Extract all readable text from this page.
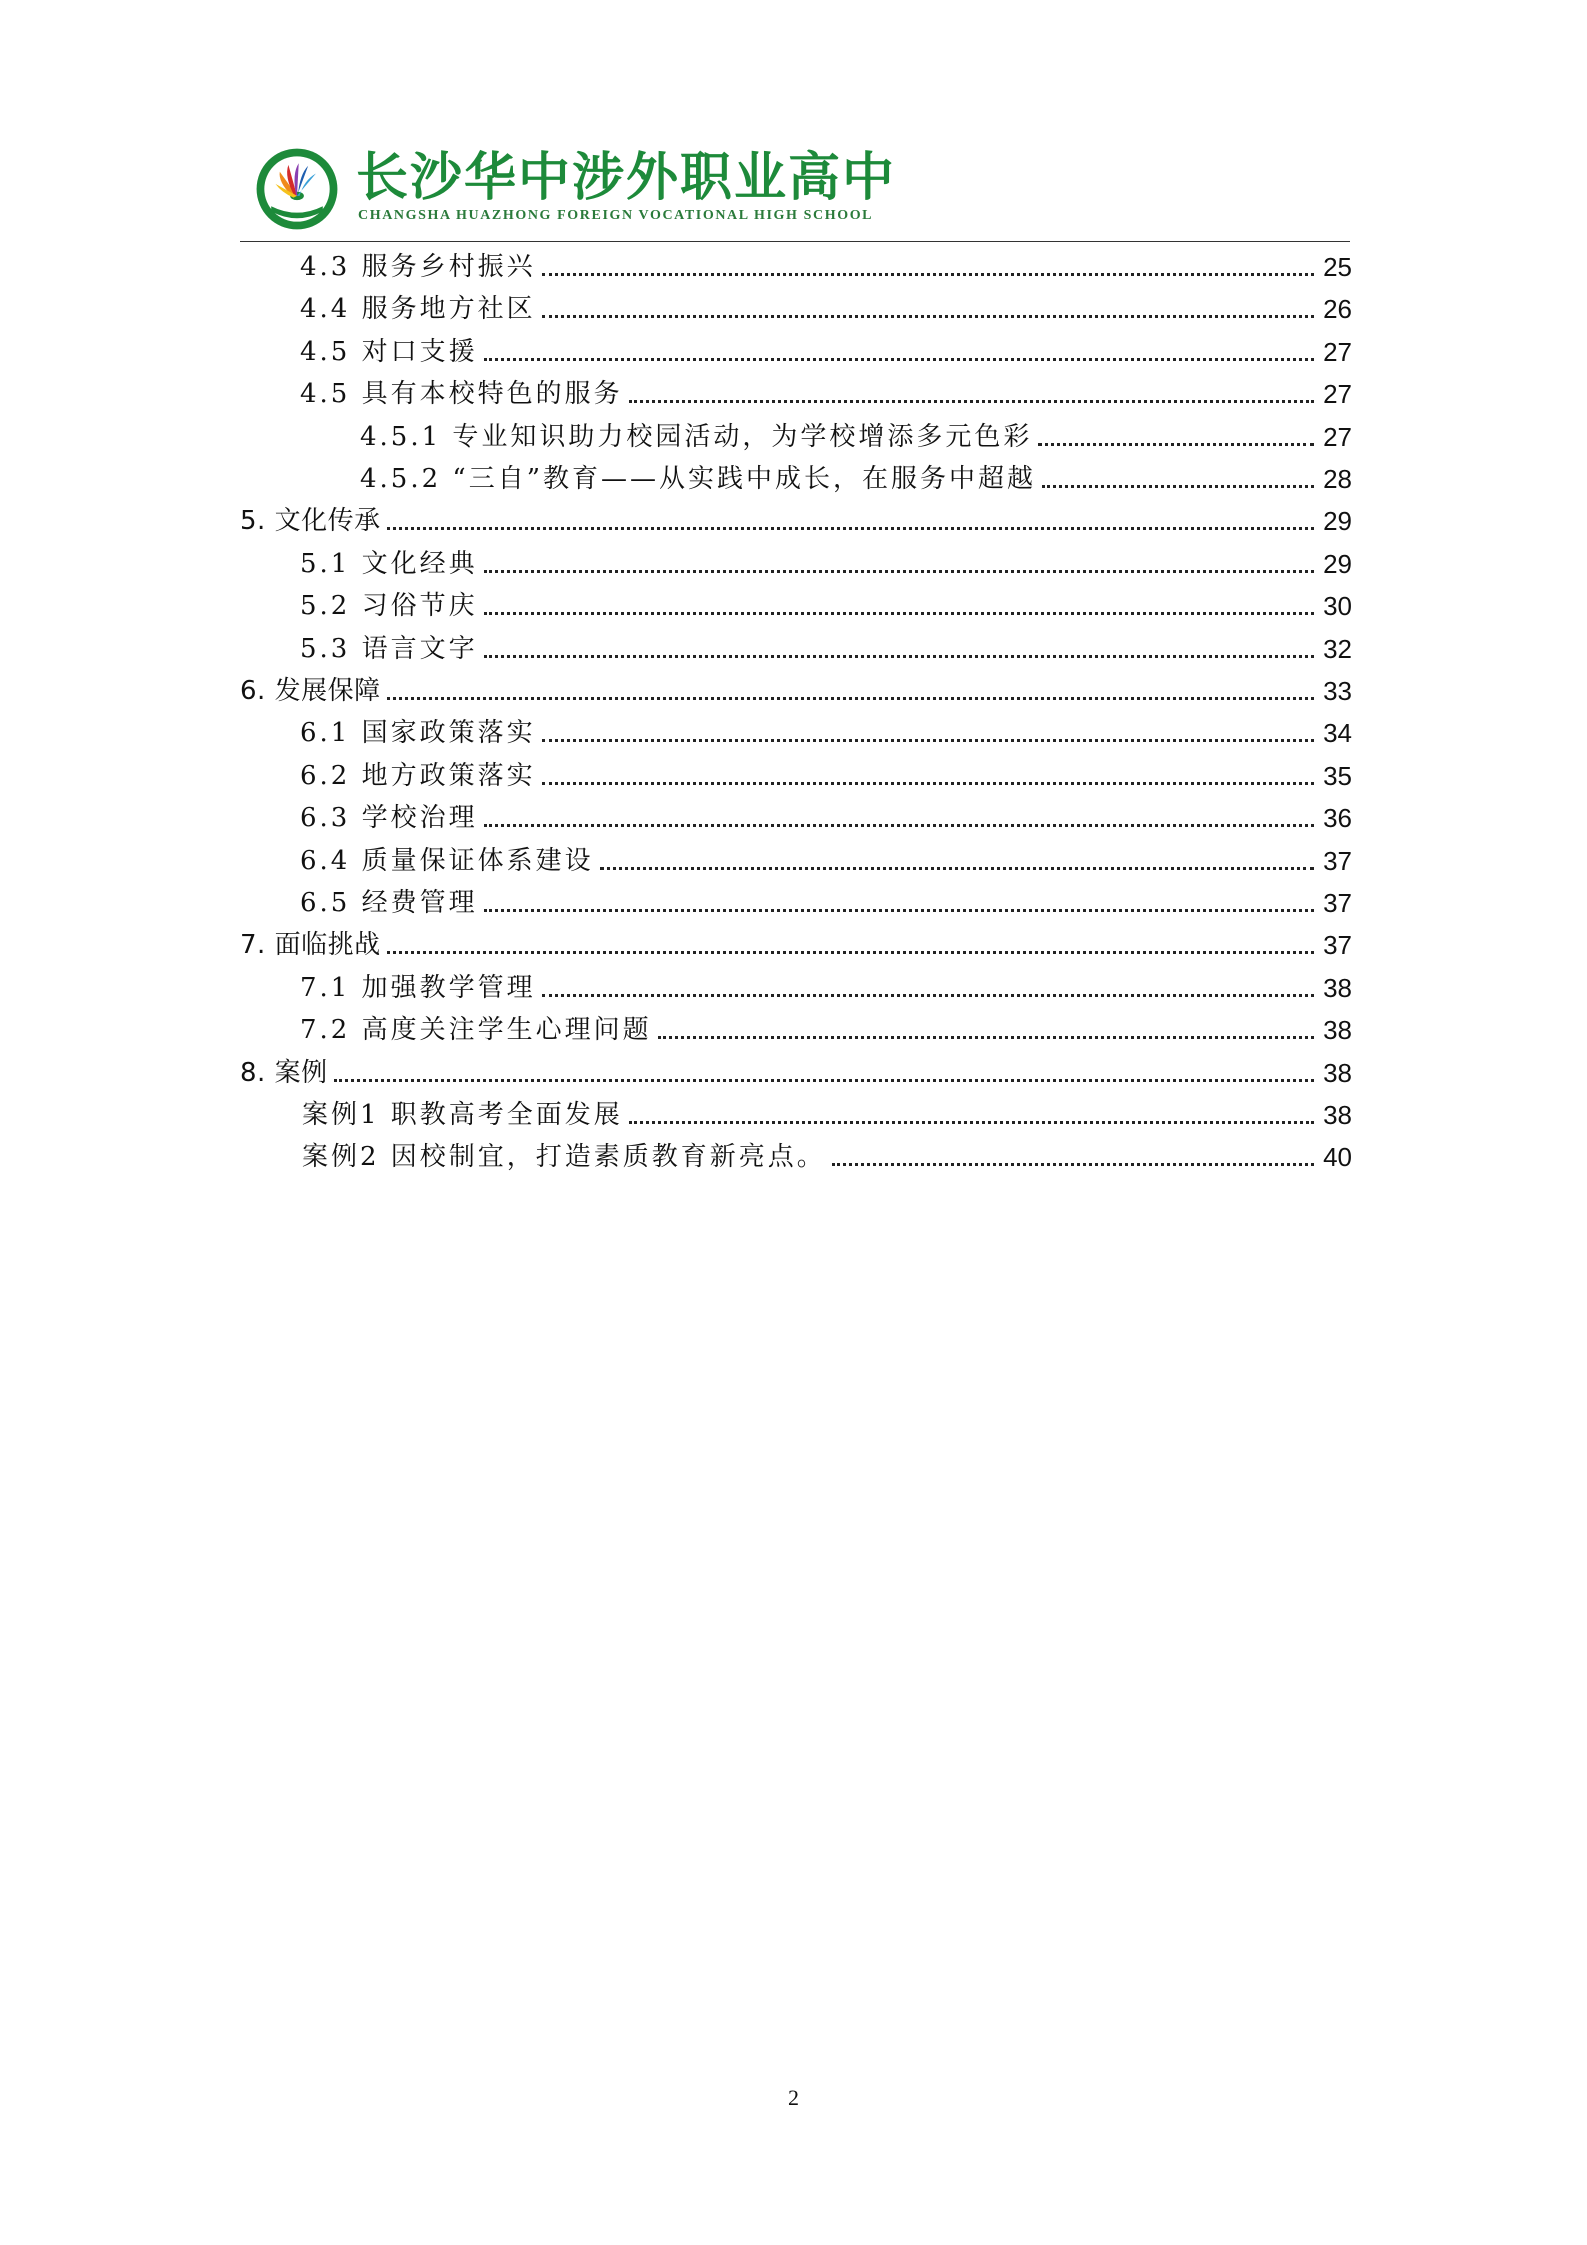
长沙华中涉外职业高中
CHANGSHA HUAZHONG FOREIGN VOCATIONAL HIGH SCHOOL
4.3 服务乡村振兴	25
4.4 服务地方社区	26
4.5 对口支援	27
4.5 具有本校特色的服务	27
4.5.1 专业知识助力校园活动，为学校增添多元色彩	27
4.5.2 “三自”教育——从实践中成长，在服务中超越	28
5. 文化传承	29
5.1 文化经典	29
5.2 习俗节庆	30
5.3 语言文字	32
6. 发展保障	33
6.1 国家政策落实	34
6.2 地方政策落实	35
6.3 学校治理	36
6.4 质量保证体系建设	37
6.5 经费管理	37
7. 面临挑战	37
7.1 加强教学管理	38
7.2 高度关注学生心理问题	38
8. 案例	38
案例1 职教高考全面发展	38
案例2 因校制宜，打造素质教育新亮点。	40
2
